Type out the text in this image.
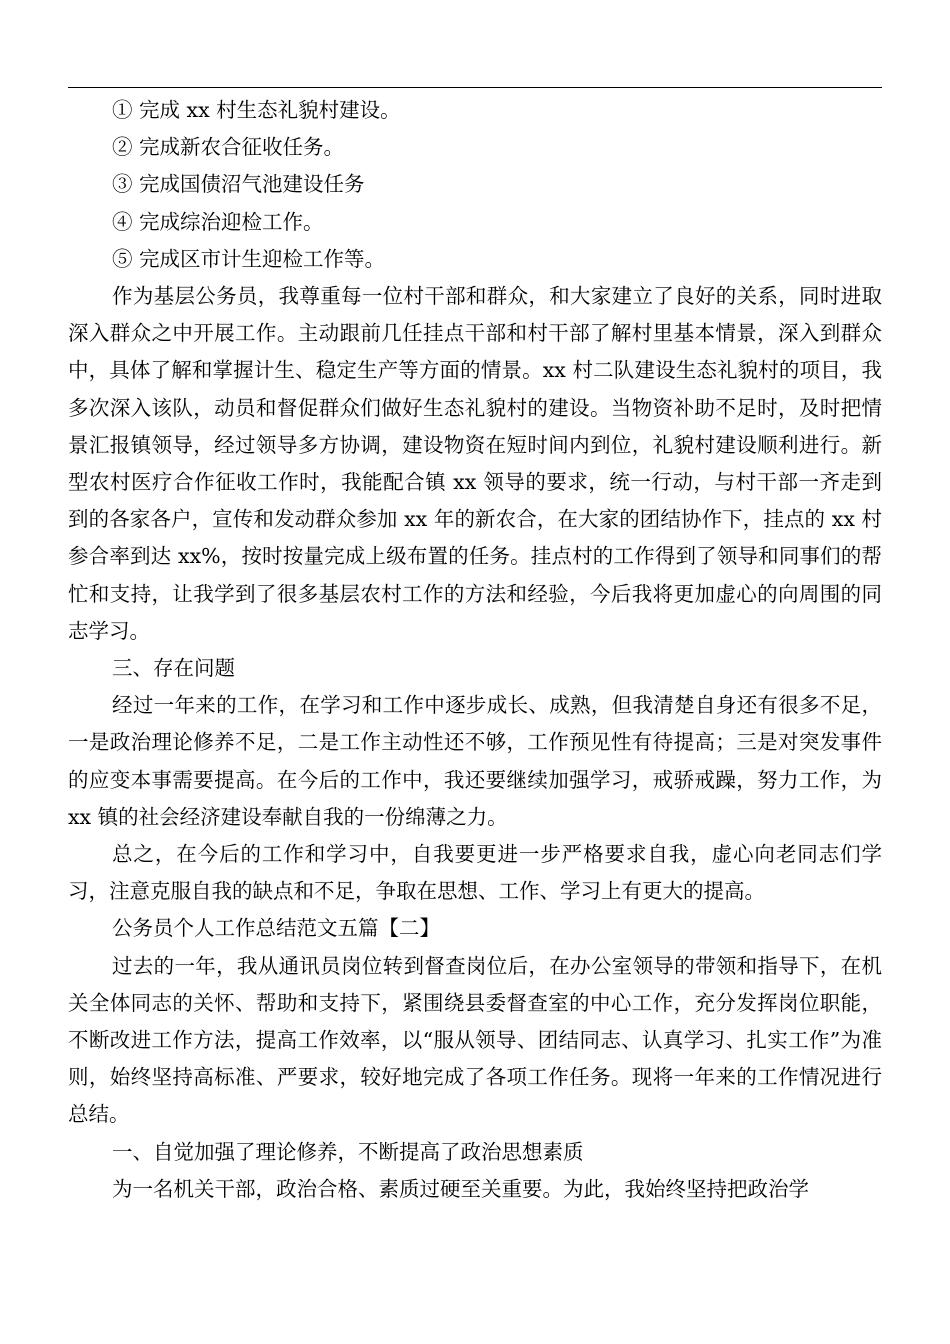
① 完成 xx 村生态礼貌村建设。

② 完成新农合征收任务。

③ 完成国债沼气池建设任务

④ 完成综治迎检工作。

⑤ 完成区市计生迎检工作等。

作为基层公务员，我尊重每一位村干部和群众，和大家建立了良好的关系，同时进取深入群众之中开展工作。主动跟前几任挂点干部和村干部了解村里基本情景，深入到群众中，具体了解和掌握计生、稳定生产等方面的情景。xx 村二队建设生态礼貌村的项目，我多次深入该队，动员和督促群众们做好生态礼貌村的建设。当物资补助不足时，及时把情景汇报镇领导，经过领导多方协调，建设物资在短时间内到位，礼貌村建设顺利进行。新型农村医疗合作征收工作时，我能配合镇 xx 领导的要求，统一行动，与村干部一齐走到到的各家各户，宣传和发动群众参加 xx 年的新农合，在大家的团结协作下，挂点的 xx 村参合率到达 xx%，按时按量完成上级布置的任务。挂点村的工作得到了领导和同事们的帮忙和支持，让我学到了很多基层农村工作的方法和经验，今后我将更加虚心的向周围的同志学习。

三、存在问题

经过一年来的工作，在学习和工作中逐步成长、成熟，但我清楚自身还有很多不足，一是政治理论修养不足，二是工作主动性还不够，工作预见性有待提高；三是对突发事件的应变本事需要提高。在今后的工作中，我还要继续加强学习，戒骄戒躁，努力工作，为 xx 镇的社会经济建设奉献自我的一份绵薄之力。

总之，在今后的工作和学习中，自我要更进一步严格要求自我，虚心向老同志们学习，注意克服自我的缺点和不足，争取在思想、工作、学习上有更大的提高。

公务员个人工作总结范文五篇【二】

过去的一年，我从通讯员岗位转到督查岗位后，在办公室领导的带领和指导下，在机关全体同志的关怀、帮助和支持下，紧围绕县委督查室的中心工作，充分发挥岗位职能，不断改进工作方法，提高工作效率，以“服从领导、团结同志、认真学习、扎实工作”为准则，始终坚持高标准、严要求，较好地完成了各项工作任务。现将一年来的工作情况进行总结。

一、自觉加强了理论修养，不断提高了政治思想素质

为一名机关干部，政治合格、素质过硬至关重要。为此，我始终坚持把政治学
